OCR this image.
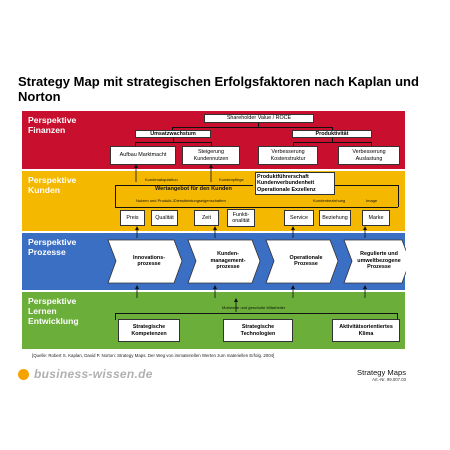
Strategy Map mit strategischen Erfolgsfaktoren nach Kaplan und Norton
Perspektive Finanzen
Shareholder Value / ROCE
Umsatzwachstum	Produktivität
Aufbau Marktmacht
Steigerung Kundennutzen
Verbesserung Kostenstruktur
Verbesserung Auslastung
Perspektive Kunden
Kundenakquisition	Kundenpflege	Produktführerschaft Kundenverbundenheit Operationale Exzellenz
Wertangebot für den Kunden
Nutzen und Produkt-/Dienstleistungseigenschaften	Kundenbeziehung	Image
Preis	Qualität	Zeit
Funkti-onalität
Service	Beziehung	Marke
Perspektive Prozesse
Innovations-prozesse
Kunden-management-prozesse
Operationale Prozesse
Regulierte und umweltbezogene Prozesse
Perspektive Lernen Entwicklung
Motivierte und geschulte Mitarbeiter
Strategische Kompetenzen
Strategische Technologien
Aktivitätsorientiertes Klima
[Quelle: Robert S. Kaplan, David P. Norton: Strategy Maps. Der Weg von immateriellen Werten zum materiellen Erfolg. 2004]
business-wissen.de	Strategy Maps
Art.-Nr. 99.007.03
